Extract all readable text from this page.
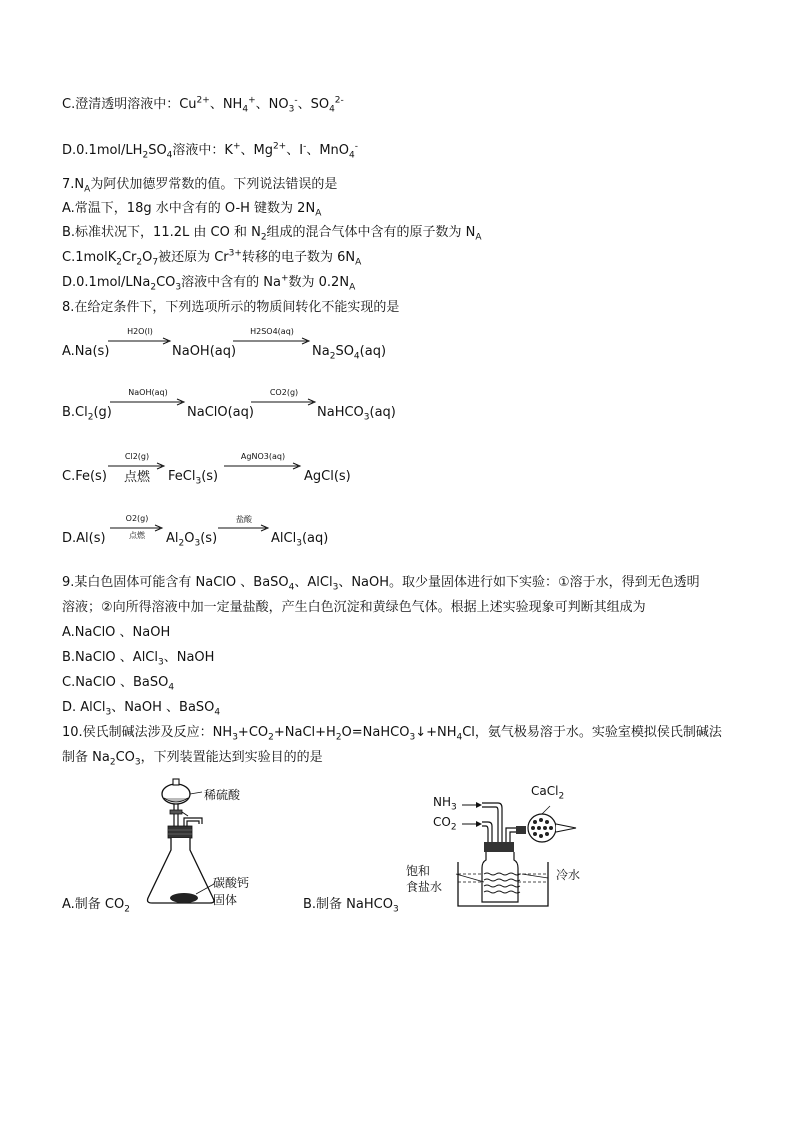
C.澄清透明溶液中：$Cu^{2+}$、$NH_4^+$、$NO_3^-$、$SO_4^{2-}$
$D.0.1mol/LH_2SO_4$溶液中：K+、$Mg^{2+}$、I-、MnO$_4$-
$7.N_A$为阿伏加德罗常数的值。下列说法错误的是
A.常温下，18g 水中含有的 O-H 键数为 $2N_A$
B.标准状况下，11.2L 由 CO 和 $N_2$组成的混合气体中含有的原子数为 $N_A$
$C.1molK_2Cr_2O_7$被还原为 $Cr^{3+}$转移的电子数为 $6N_A$
$D.0.1mol/LNa_2CO_3$溶液中含有的 Na+数为 $0.2N_A$
8.在给定条件下，下列选项所示的物质间转化不能实现的是
A.Na(s)
H2O(l)
NaOH(aq)
H2SO4(aq)
$Na_2SO_4(aq)$
$B.Cl_2(g)$
NaOH(aq)
NaClO(aq)
CO2(g)
NaHCO$_3$(aq)
C.Fe(s)
Cl2(g)
点燃	FeCl$_3$(s)
AgNO3(aq)
AgCl(s)
D.Al(s)
O2(g)
点燃	$Al_2O_3(s)$
盐酸
AlCl$_3$(aq)
9.某白色固体可能含有 NaClO 、BaSO$_4$、AlCl$_3$、NaOH。取少量固体进行如下实验：①溶于水，得到无色透明
溶液；②向所得溶液中加一定量盐酸，产生白色沉淀和黄绿色气体。根据上述实验现象可判断其组成为
A.NaClO 、NaOH
B.NaClO 、AlCl$_3$、NaOH
C.NaClO 、BaSO$_4$
D. AlCl$_3$、NaOH 、BaSO$_4$
10.侯氏制碱法涉及反应：$NH_3+CO_2+NaCl+H_2O=NaHCO_3↓+NH_4Cl$，氨气极易溶于水。实验室模拟侯氏制碱法
制备 $Na_2CO_3$，下列装置能达到实验目的的是
稀硫酸
碳酸钙
固体
A.制备 $CO_2$
$NH_3$
$CO_2$
CaCl$_2$
饱和
食盐水
冷水
B.制备 NaHCO$_3$
